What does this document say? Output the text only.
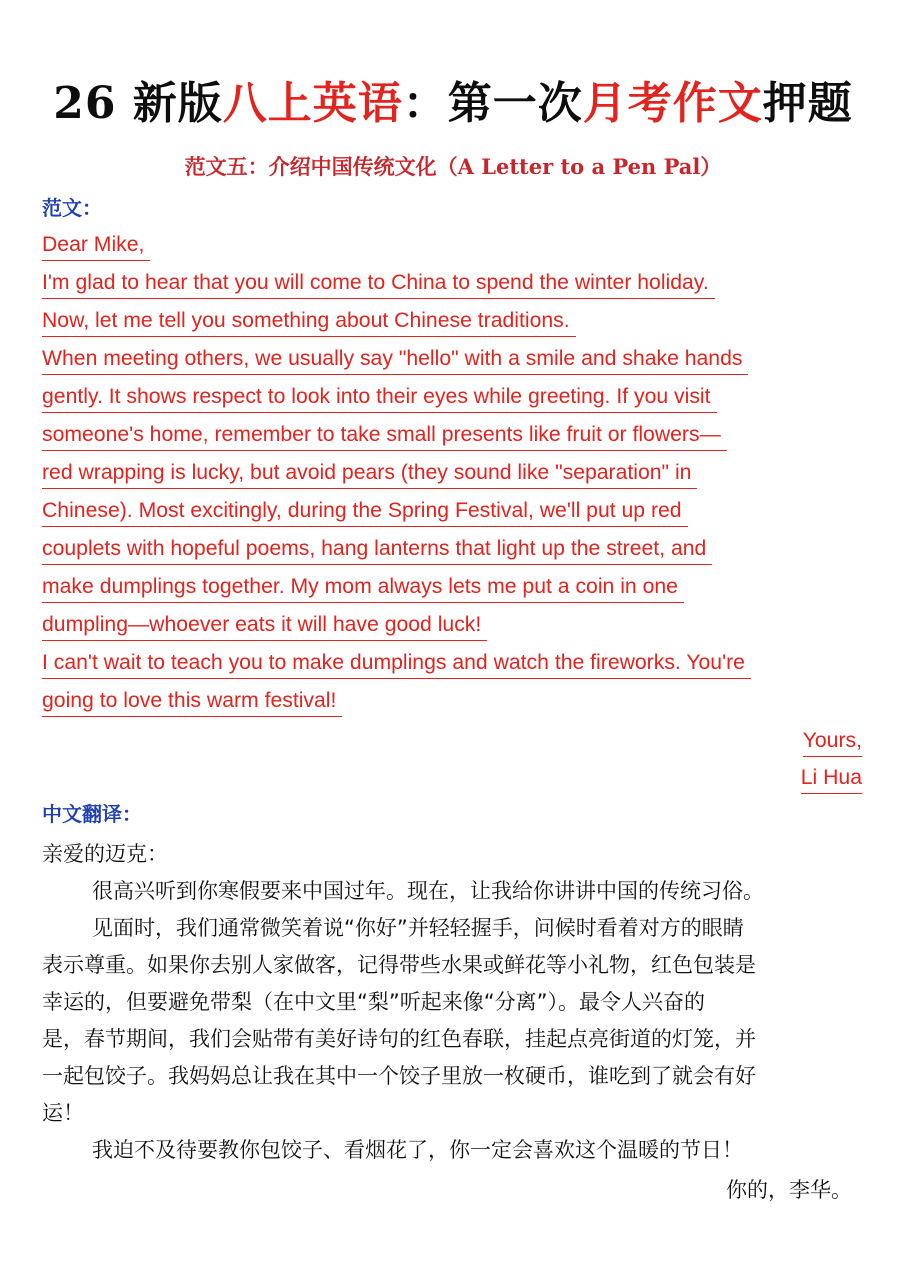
26 新版八上英语：第一次月考作文押题
范文五：介绍中国传统文化（A Letter to a Pen Pal）
范文：
Dear Mike,
I'm glad to hear that you will come to China to spend the winter holiday.
Now, let me tell you something about Chinese traditions.
When meeting others, we usually say "hello" with a smile and shake hands
gently. It shows respect to look into their eyes while greeting. If you visit
someone's home, remember to take small presents like fruit or flowers—
red wrapping is lucky, but avoid pears (they sound like "separation" in
Chinese). Most excitingly, during the Spring Festival, we'll put up red
couplets with hopeful poems, hang lanterns that light up the street, and
make dumplings together. My mom always lets me put a coin in one
dumpling—whoever eats it will have good luck!
I can't wait to teach you to make dumplings and watch the fireworks. You're
going to love this warm festival!
Yours,
Li Hua
中文翻译：
亲爱的迈克：
很高兴听到你寒假要来中国过年。现在，让我给你讲讲中国的传统习俗。
见面时，我们通常微笑着说“你好”并轻轻握手，问候时看着对方的眼睛
表示尊重。如果你去别人家做客，记得带些水果或鲜花等小礼物，红色包装是
幸运的，但要避免带梨（在中文里“梨”听起来像“分离”）。最令人兴奋的
是，春节期间，我们会贴带有美好诗句的红色春联，挂起点亮街道的灯笼，并
一起包饺子。我妈妈总让我在其中一个饺子里放一枚硬币，谁吃到了就会有好
运！
我迫不及待要教你包饺子、看烟花了，你一定会喜欢这个温暖的节日！
你的，李华。
